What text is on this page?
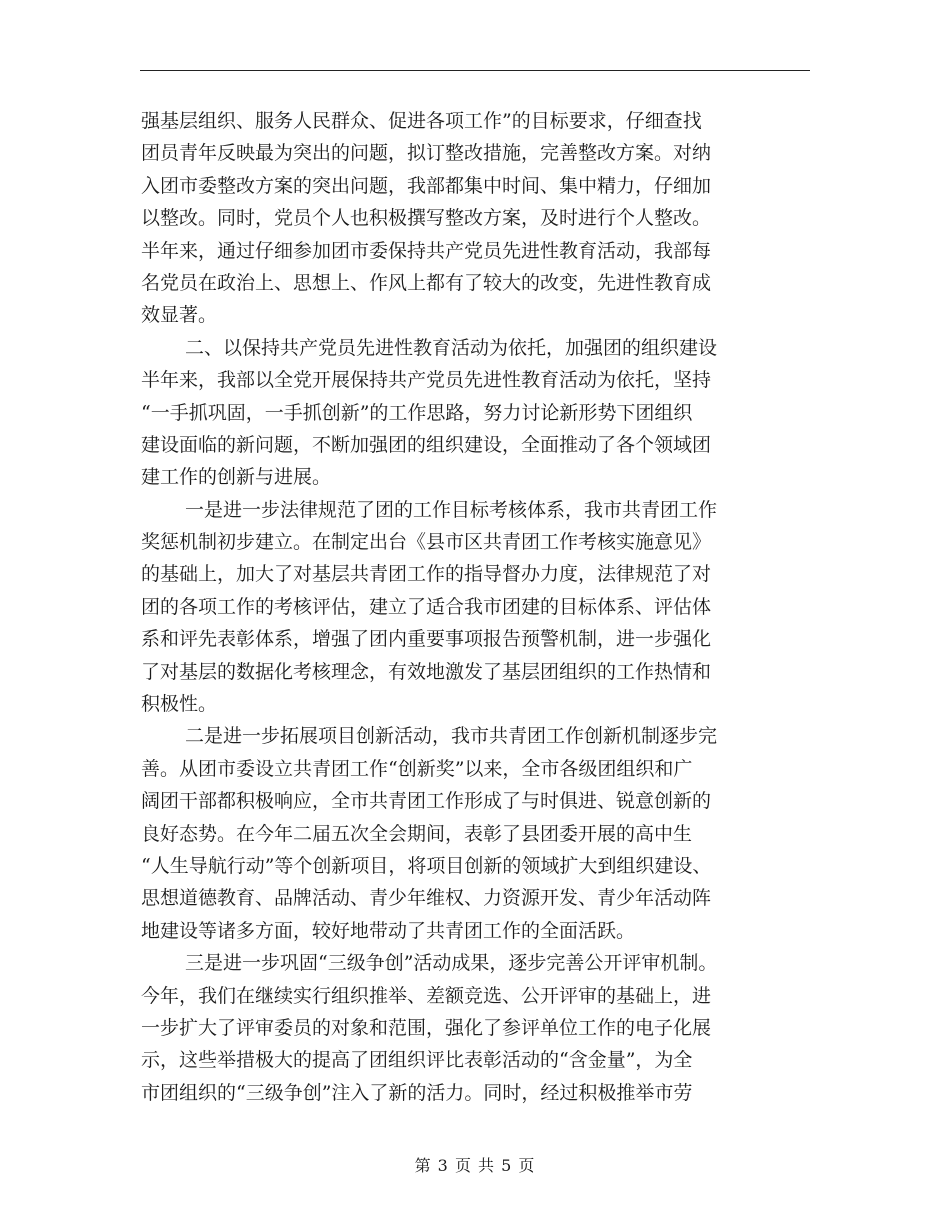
强基层组织、服务人民群众、促进各项工作”的目标要求，仔细查找
团员青年反映最为突出的问题，拟订整改措施，完善整改方案。对纳
入团市委整改方案的突出问题，我部都集中时间、集中精力，仔细加
以整改。同时，党员个人也积极撰写整改方案，及时进行个人整改。
半年来，通过仔细参加团市委保持共产党员先进性教育活动，我部每
名党员在政治上、思想上、作风上都有了较大的改变，先进性教育成
效显著。
二、以保持共产党员先进性教育活动为依托，加强团的组织建设
半年来，我部以全党开展保持共产党员先进性教育活动为依托，坚持
“一手抓巩固，一手抓创新”的工作思路，努力讨论新形势下团组织
建设面临的新问题，不断加强团的组织建设，全面推动了各个领域团
建工作的创新与进展。
一是进一步法律规范了团的工作目标考核体系，我市共青团工作
奖惩机制初步建立。在制定出台《县市区共青团工作考核实施意见》
的基础上，加大了对基层共青团工作的指导督办力度，法律规范了对
团的各项工作的考核评估，建立了适合我市团建的目标体系、评估体
系和评先表彰体系，增强了团内重要事项报告预警机制，进一步强化
了对基层的数据化考核理念，有效地激发了基层团组织的工作热情和
积极性。
二是进一步拓展项目创新活动，我市共青团工作创新机制逐步完
善。从团市委设立共青团工作“创新奖”以来，全市各级团组织和广
阔团干部都积极响应，全市共青团工作形成了与时俱进、锐意创新的
良好态势。在今年二届五次全会期间，表彰了县团委开展的高中生
“人生导航行动”等个创新项目，将项目创新的领域扩大到组织建设、
思想道德教育、品牌活动、青少年维权、力资源开发、青少年活动阵
地建设等诸多方面，较好地带动了共青团工作的全面活跃。
三是进一步巩固“三级争创”活动成果，逐步完善公开评审机制。
今年，我们在继续实行组织推举、差额竞选、公开评审的基础上，进
一步扩大了评审委员的对象和范围，强化了参评单位工作的电子化展
示，这些举措极大的提高了团组织评比表彰活动的“含金量”，为全
市团组织的“三级争创”注入了新的活力。同时，经过积极推举市劳
第 3 页 共 5 页
